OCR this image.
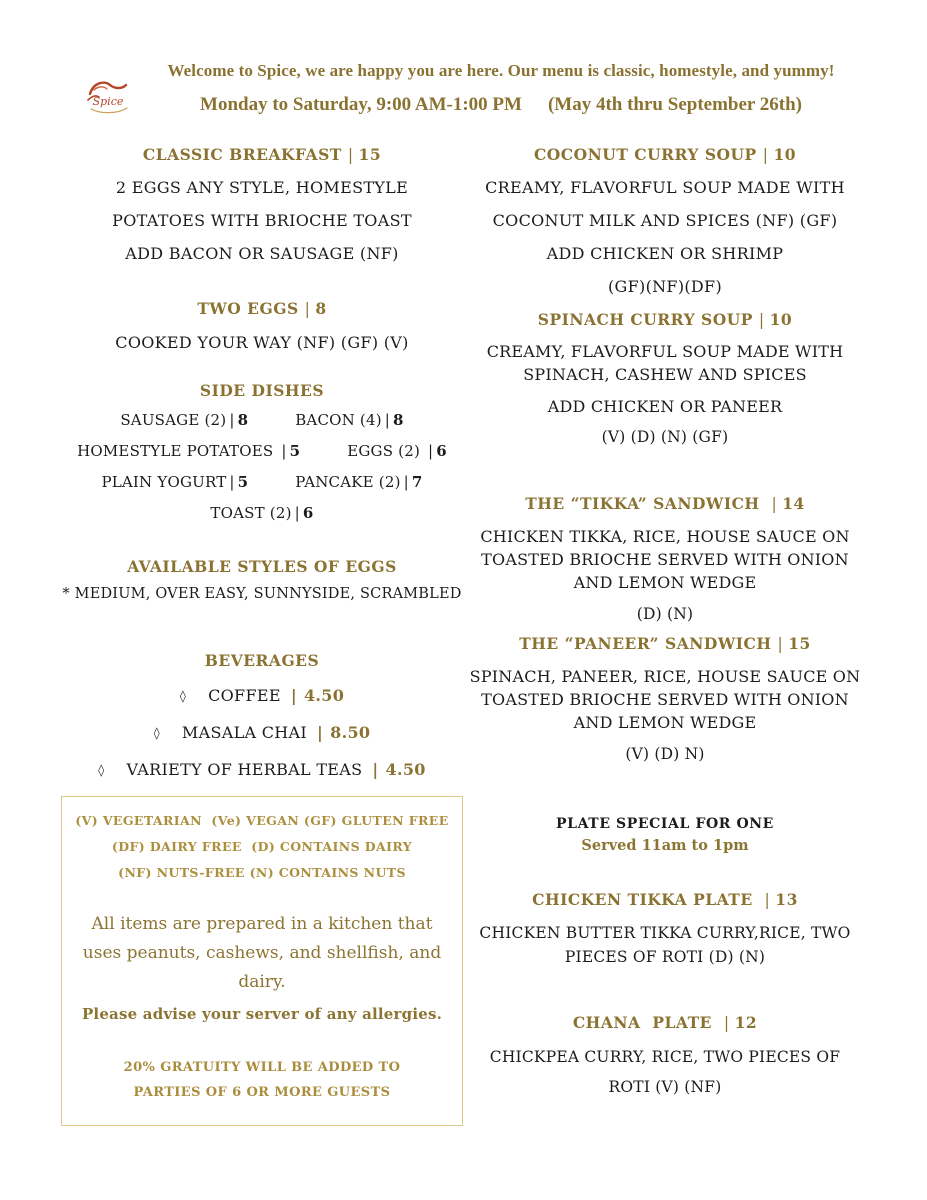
Spice
Welcome to Spice, we are happy you are here. Our menu is classic, homestyle, and yummy!
Monday to Saturday, 9:00 AM-1:00 PM (May 4th thru September 26th)
CLASSIC BREAKFAST | 15
2 EGGS ANY STYLE, HOMESTYLE
POTATOES WITH BRIOCHE TOAST
ADD BACON OR SAUSAGE (NF)
TWO EGGS | 8
COOKED YOUR WAY (NF) (GF) (V)
SIDE DISHES
SAUSAGE (2) | 8	BACON (4) | 8
HOMESTYLE POTATOES | 5	EGGS (2) | 6
PLAIN YOGURT | 5	PANCAKE (2) | 7
TOAST (2) | 6
AVAILABLE STYLES OF EGGS
* MEDIUM, OVER EASY, SUNNYSIDE, SCRAMBLED
BEVERAGES
◊ COFFEE | 4.50
◊ MASALA CHAI | 8.50
◊ VARIETY OF HERBAL TEAS | 4.50
(V) VEGETARIAN  (Ve) VEGAN (GF) GLUTEN FREE
(DF) DAIRY FREE  (D) CONTAINS DAIRY
(NF) NUTS-FREE (N) CONTAINS NUTS
All items are prepared in a kitchen that uses peanuts, cashews, and shellfish, and dairy.
Please advise your server of any allergies.
20% GRATUITY WILL BE ADDED TO PARTIES OF 6 OR MORE GUESTS
COCONUT CURRY SOUP | 10
CREAMY, FLAVORFUL SOUP MADE WITH
COCONUT MILK AND SPICES (NF) (GF)
ADD CHICKEN OR SHRIMP
(GF)(NF)(DF)
SPINACH CURRY SOUP | 10
CREAMY, FLAVORFUL SOUP MADE WITH
SPINACH, CASHEW AND SPICES
ADD CHICKEN OR PANEER
(V) (D) (N) (GF)
THE “TIKKA” SANDWICH | 14
CHICKEN TIKKA, RICE, HOUSE SAUCE ON
TOASTED BRIOCHE SERVED WITH ONION
AND LEMON WEDGE
(D) (N)
THE “PANEER” SANDWICH | 15
SPINACH, PANEER, RICE, HOUSE SAUCE ON
TOASTED BRIOCHE SERVED WITH ONION
AND LEMON WEDGE
(V) (D) N)
PLATE SPECIAL FOR ONE
Served 11am to 1pm
CHICKEN TIKKA PLATE | 13
CHICKEN BUTTER TIKKA CURRY,RICE, TWO
PIECES OF ROTI (D) (N)
CHANA  PLATE | 12
CHICKPEA CURRY, RICE, TWO PIECES OF
ROTI (V) (NF)
